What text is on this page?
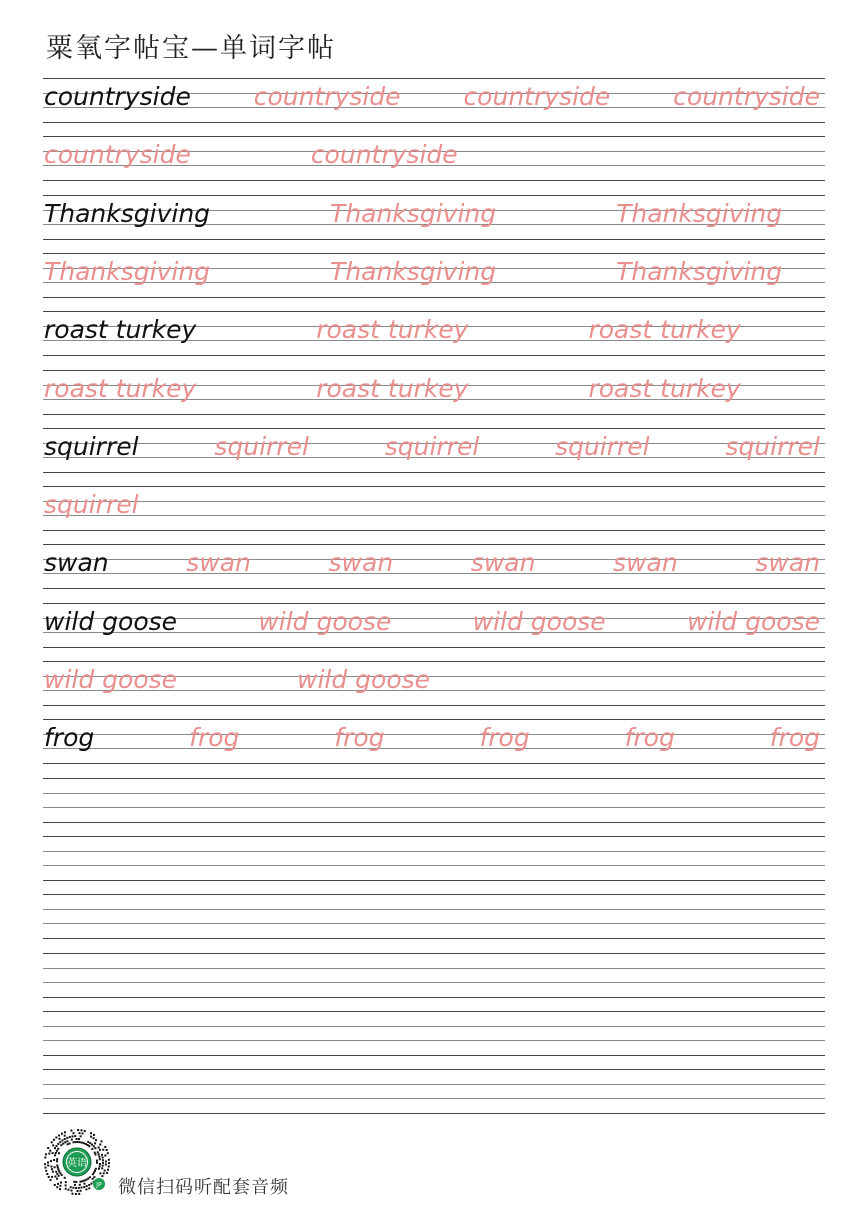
粟氧字帖宝—单词字帖
countryside	countryside	countryside	countryside
countryside	countryside
Thanksgiving	Thanksgiving	Thanksgiving
Thanksgiving	Thanksgiving	Thanksgiving
roast turkey	roast turkey	roast turkey
roast turkey	roast turkey	roast turkey
squirrel	squirrel	squirrel	squirrel	squirrel
squirrel
swan	swan	swan	swan	swan	swan
wild goose	wild goose	wild goose	wild goose
wild goose	wild goose
frog	frog	frog	frog	frog	frog
英语
JP 微信扫码听配套音频
